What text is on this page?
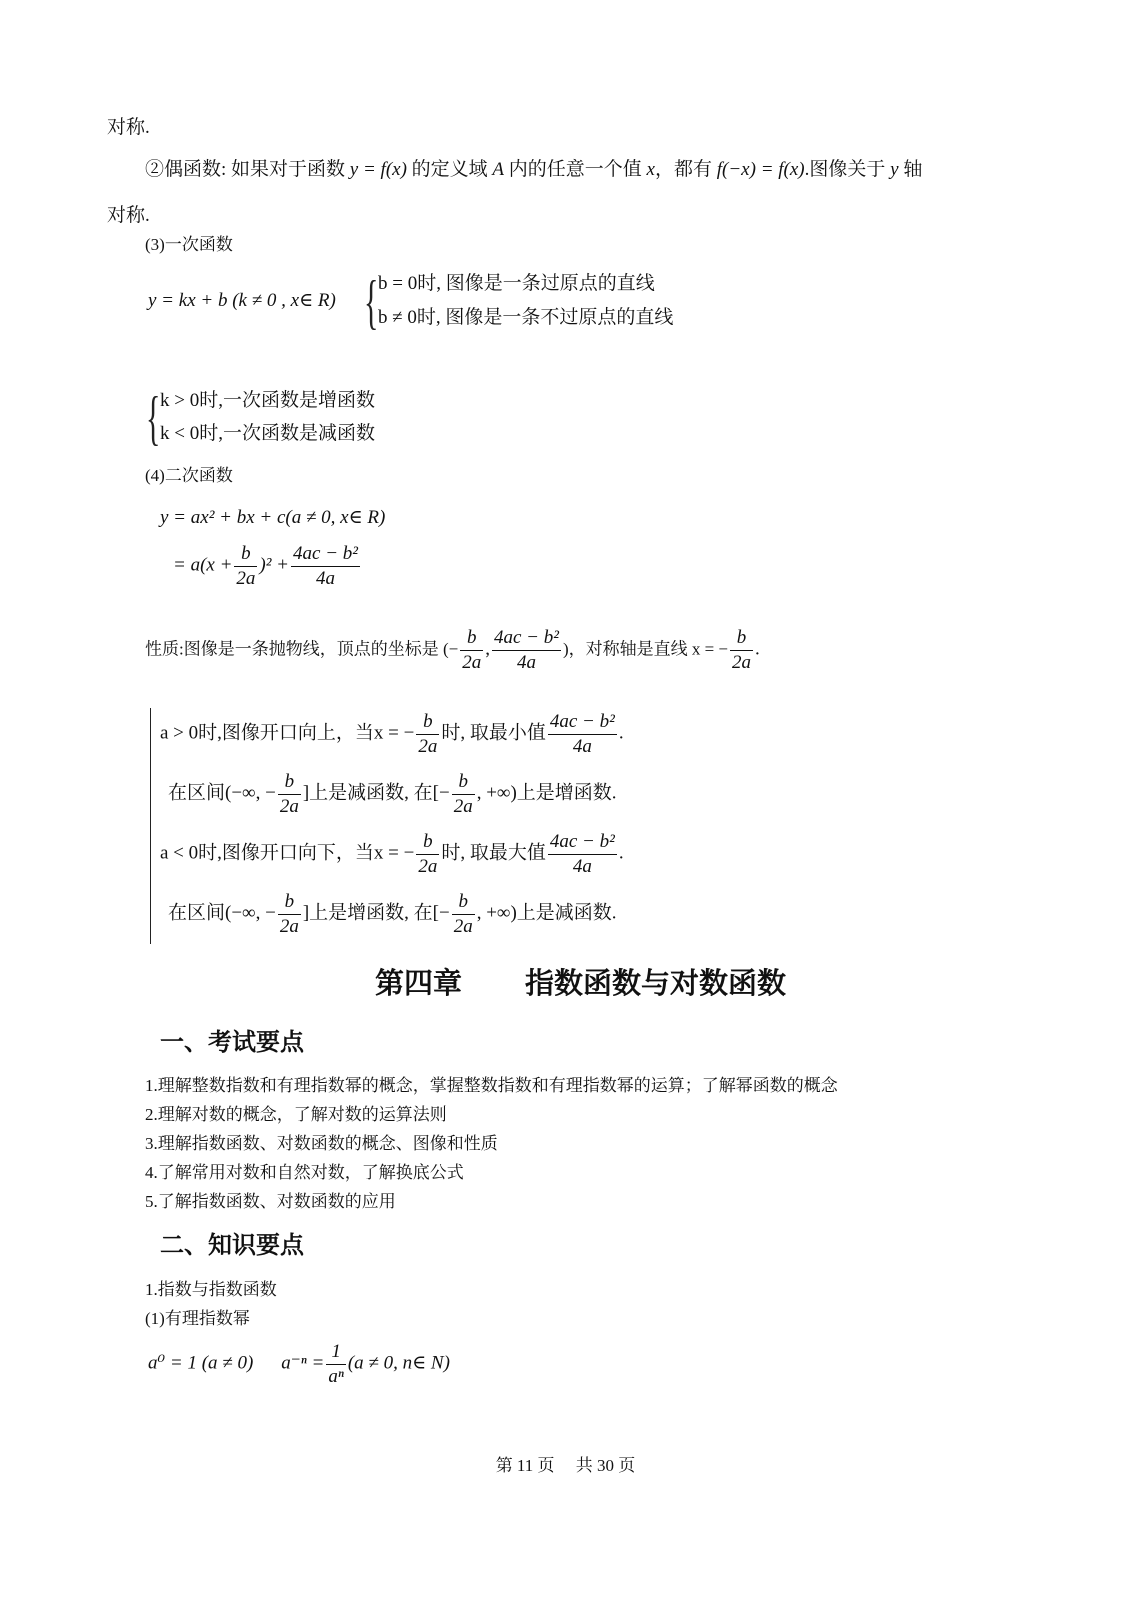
对称.
②偶函数: 如果对于函数 y = f(x) 的定义域 A 内的任意一个值 x，都有 f(−x) = f(x).图像关于 y 轴
对称.
(3)一次函数
y = kx + b (k ≠ 0 , x∈ R) { b = 0时, 图像是一条过原点的直线
b ≠ 0时, 图像是一条不过原点的直线
{ k > 0时,一次函数是增函数
k < 0时,一次函数是减函数
(4)二次函数
y = ax² + bx + c(a ≠ 0, x∈ R)
= $a(x + \frac{b}{2a} )^2 + \frac{\text{4ac − b²}}{4a}$
性质:图像是一条抛物线，顶点的坐标是 (− $\frac{b}{2a}$ , $\frac{\text{4ac − b²}}{4a}$ )，对称轴是直线 x = − $\frac{b}{2a}$ .
a > 0时,图像开口向上，当x = − $\frac{b}{2a}$ 时, 取最小值 $\frac{\text{4ac − b²}}{4a}$ .
在区间(−∞, − $\frac{b}{2a}$ ]上是减函数, 在[− $\frac{b}{2a}$ , +∞)上是增函数.
a < 0时,图像开口向下，当x = − $\frac{b}{2a}$ 时, 取最大值 $\frac{\text{4ac − b²}}{4a}$ .
在区间(−∞, − $\frac{b}{2a}$ ]上是增函数, 在[− $\frac{b}{2a}$ , +∞)上是减函数.
第四章 指数函数与对数函数
一、考试要点
1.理解整数指数和有理指数幂的概念，掌握整数指数和有理指数幂的运算；了解幂函数的概念
2.理解对数的概念，了解对数的运算法则
3.理解指数函数、对数函数的概念、图像和性质
4.了解常用对数和自然对数，了解换底公式
5.了解指数函数、对数函数的应用
二、知识要点
1.指数与指数函数
(1)有理指数幂
a⁰ = 1 (a ≠ 0) $a^{-n} = \frac{1}{\text{aⁿ}} (a \ne 0$, n∈ N)
第 11 页     共 30 页
